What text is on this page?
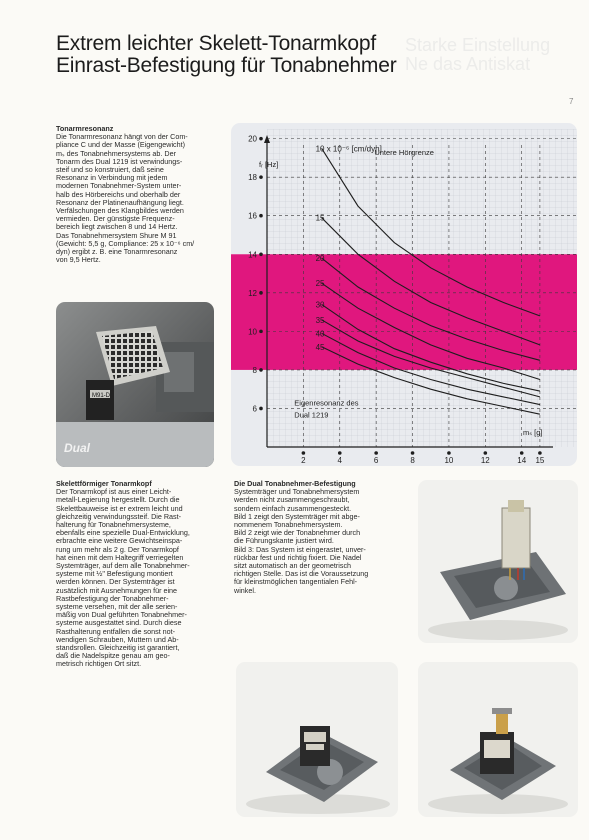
Starke Einstellung
Ne das Antiskat
Extrem leichter Skelett-Tonarmkopf
Einrast-Befestigung für Tonabnehmer
7
Tonarmresonanz
Die Tonarmresonanz hängt von der Com-
pliance C und der Masse (Eigengewicht)
mₛ des Tonabnehmersystems ab. Der
Tonarm des Dual 1219 ist verwindungs-
steif und so konstruiert, daß seine
Resonanz in Verbindung mit jedem
modernen Tonabnehmer-System unter-
halb des Hörbereichs und oberhalb der
Resonanz der Platinenaufhängung liegt.
Verfälschungen des Klangbildes werden
vermieden. Der günstigste Frequenz-
bereich liegt zwischen 8 und 14 Hertz.
Das Tonabnehmersystem Shure M 91
(Gewicht: 5,5 g, Compliance: 25 x 10⁻⁶ cm/
dyn) ergibt z. B. eine Tonarmresonanz
von 9,5 Hertz.
M91-D
Dual
6
8
10
12
14
16
18
20
2	4	6	8	10	12	14 15
10 x 10⁻⁶ [cm/dyn]
15
20
25
30
35
40
45
fᵣ [Hz]
mₛ [g]
Untere Hörgrenze
Eigenresonanz des
Dual 1219
Skelettförmiger Tonarmkopf
Der Tonarmkopf ist aus einer Leicht-
metall-Legierung hergestellt. Durch die
Skelettbauweise ist er extrem leicht und
gleichzeitig verwindungssteif. Die Rast-
halterung für Tonabnehmersysteme,
ebenfalls eine spezielle Dual-Entwicklung,
erbrachte eine weitere Gewichtseinspa-
rung um mehr als 2 g. Der Tonarmkopf
hat einen mit dem Haltegriff verriegelten
Systemträger, auf dem alle Tonabnehmer-
systeme mit ½" Befestigung montiert
werden können. Der Systemträger ist
zusätzlich mit Ausnehmungen für eine
Rastbefestigung der Tonabnehmer-
systeme versehen, mit der alle serien-
mäßig von Dual geführten Tonabnehmer-
systeme ausgestattet sind. Durch diese
Rasthalterung entfallen die sonst not-
wendigen Schrauben, Muttern und Ab-
standsrollen. Gleichzeitig ist garantiert,
daß die Nadelspitze genau am geo-
metrisch richtigen Ort sitzt.
Die Dual Tonabnehmer-Befestigung
Systemträger und Tonabnehmersystem
werden nicht zusammengeschraubt,
sondern einfach zusammengesteckt.
Bild 1 zeigt den Systemträger mit abge-
nommenem Tonabnehmersystem.
Bild 2 zeigt wie der Tonabnehmer durch
die Führungskante justiert wird.
Bild 3: Das System ist eingerastet, unver-
rückbar fest und richtig fixiert. Die Nadel
sitzt automatisch an der geometrisch
richtigen Stelle. Das ist die Voraussetzung
für kleinstmöglichen tangentialen Fehl-
winkel.
